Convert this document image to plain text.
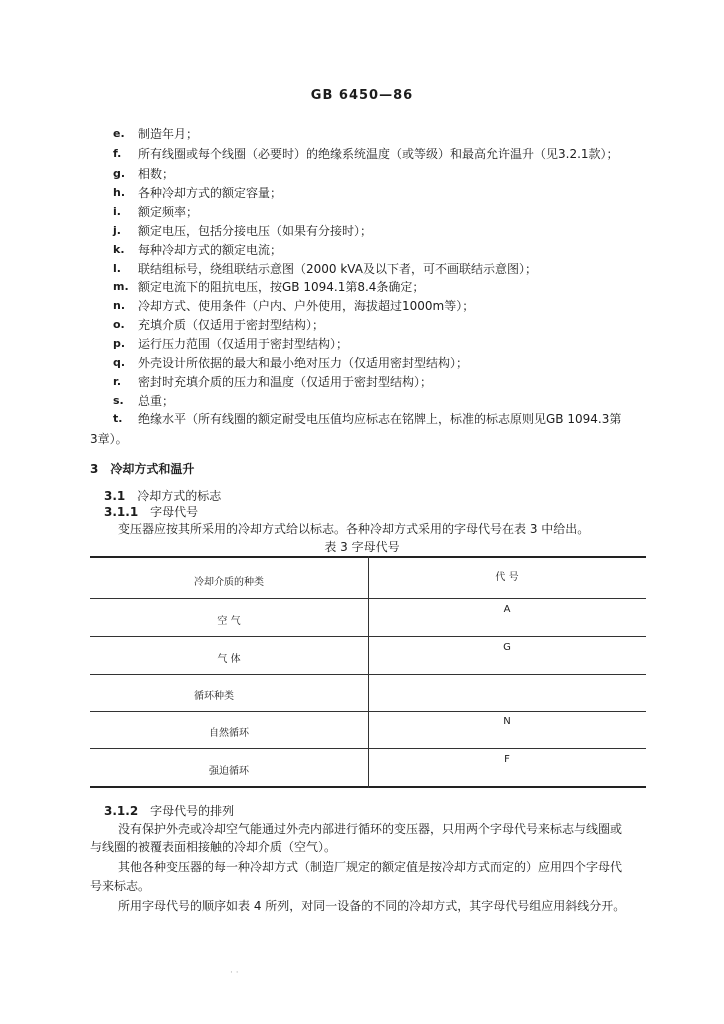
GB 6450—86
e. 制造年月；
f. 所有线圈或每个线圈（必要时）的绝缘系统温度（或等级）和最高允许温升（见3.2.1款）；
g. 相数；
h. 各种冷却方式的额定容量；
i. 额定频率；
j. 额定电压，包括分接电压（如果有分接时）；
k. 每种冷却方式的额定电流；
l. 联结组标号，绕组联结示意图（2000 kVA及以下者，可不画联结示意图）；
m. 额定电流下的阻抗电压，按GB 1094.1第8.4条确定；
n. 冷却方式、使用条件（户内、户外使用，海拔超过1000m等）；
o. 充填介质（仅适用于密封型结构）；
p. 运行压力范围（仅适用于密封型结构）；
q. 外壳设计所依据的最大和最小绝对压力（仅适用密封型结构）；
r. 密封时充填介质的压力和温度（仅适用于密封型结构）；
s. 总重；
t. 绝缘水平（所有线圈的额定耐受电压值均应标志在铭牌上，标准的标志原则见GB 1094.3第
3章）。
3 冷却方式和温升
3.1 冷却方式的标志
3.1.1 字母代号
变压器应按其所采用的冷却方式给以标志。各种冷却方式采用的字母代号在表 3 中给出。
表 3 字母代号
冷却介质的种类	代 号
空 气
A
气 体
G
循环种类
自然循环
N
强迫循环
F
3.1.2 字母代号的排列
没有保护外壳或冷却空气能通过外壳内部进行循环的变压器，只用两个字母代号来标志与线圈或
与线圈的被覆表面相接触的冷却介质（空气）。
其他各种变压器的每一种冷却方式（制造厂规定的额定值是按冷却方式而定的）应用四个字母代
号来标志。
所用字母代号的顺序如表 4 所列，对同一设备的不同的冷却方式，其字母代号组应用斜线分开。
· ·
